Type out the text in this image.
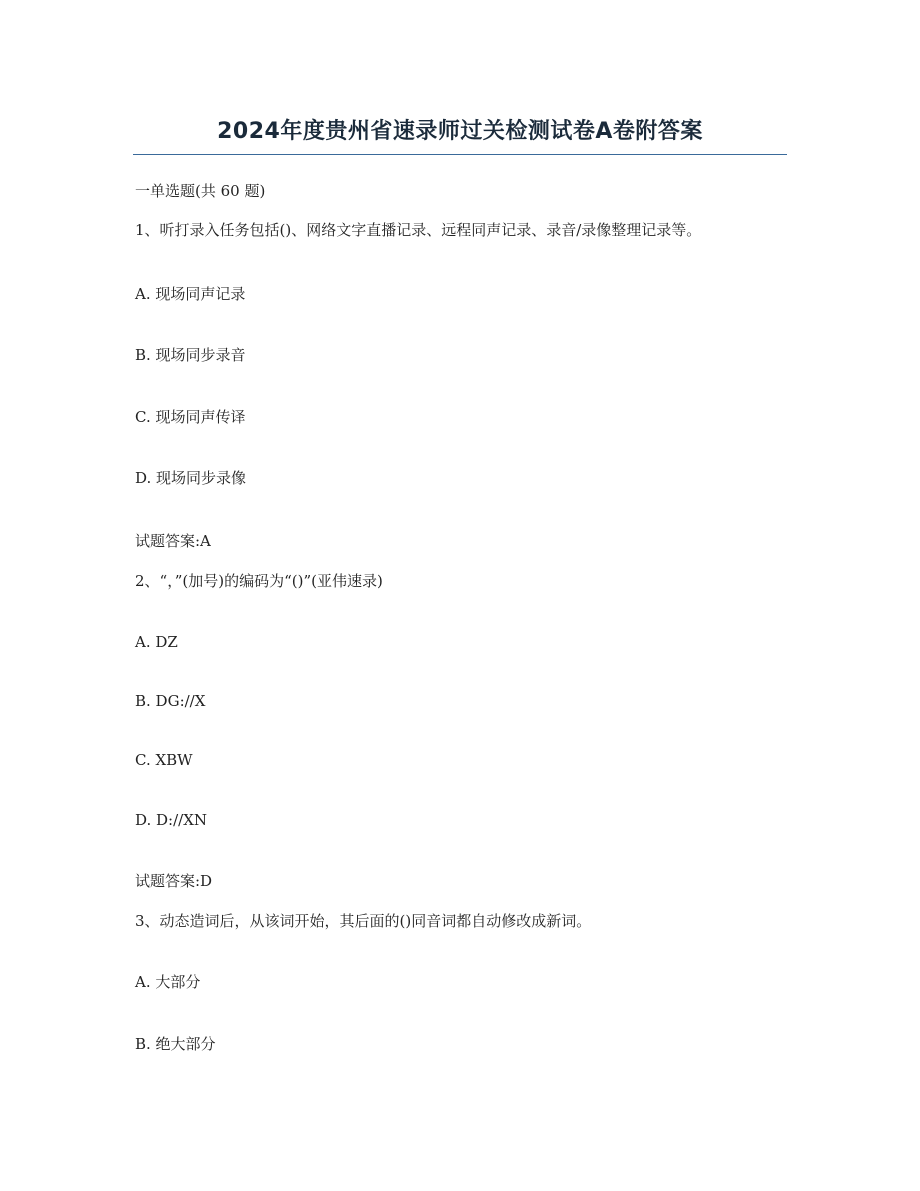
2024年度贵州省速录师过关检测试卷A卷附答案
一单选题(共 60 题)
1、听打录入任务包括()、网络文字直播记录、远程同声记录、录音/录像整理记录等。
A. 现场同声记录
B. 现场同步录音
C. 现场同声传译
D. 现场同步录像
试题答案:A
2、“，”(加号)的编码为“()”(亚伟速录)
A. DZ
B. DG://X
C. XBW
D. D://XN
试题答案:D
3、动态造词后，从该词开始，其后面的()同音词都自动修改成新词。
A. 大部分
B. 绝大部分
